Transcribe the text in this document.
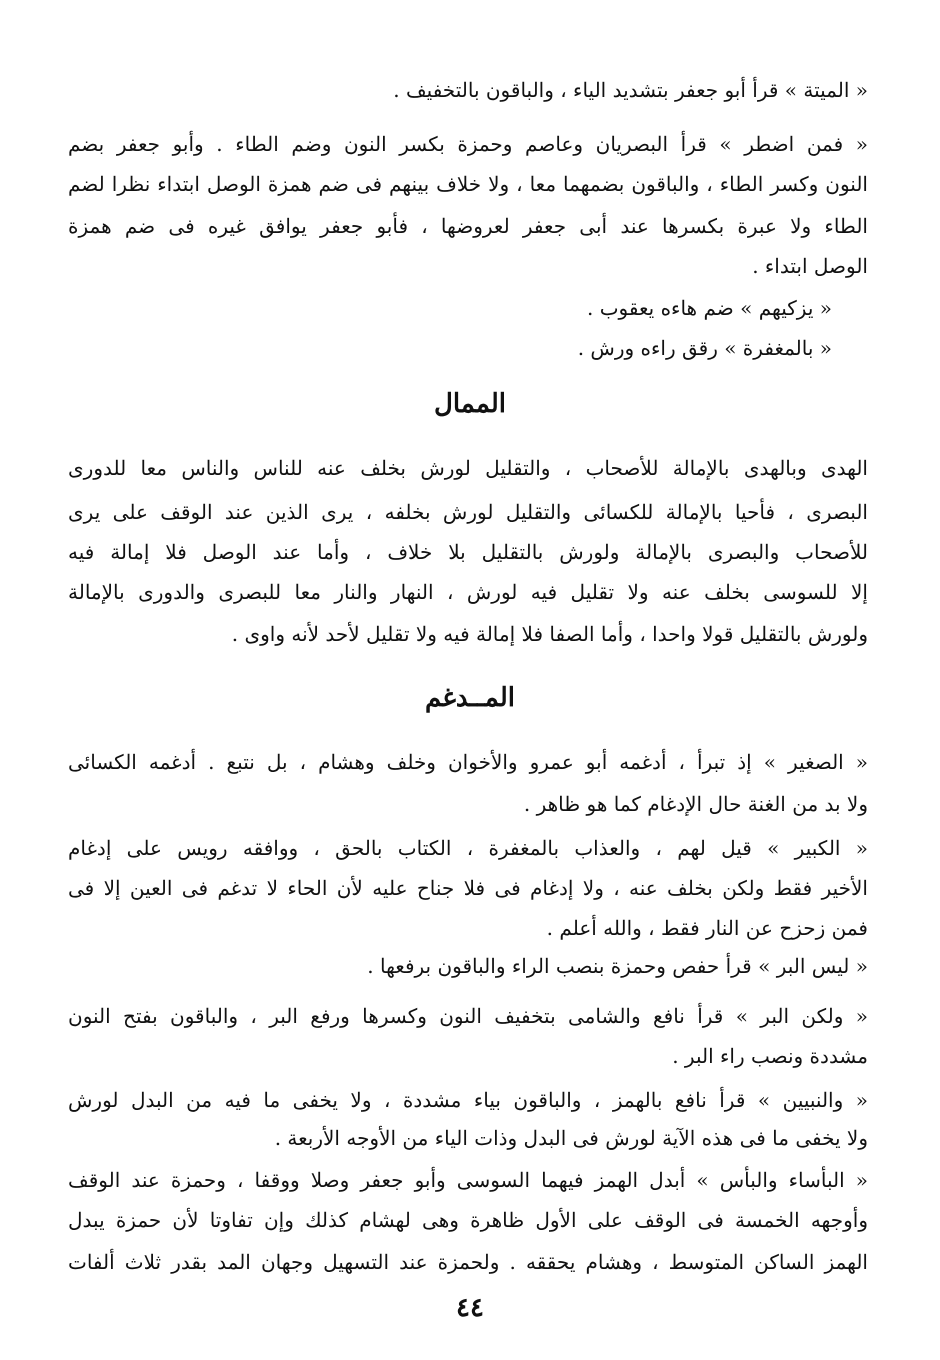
« الميتة » قرأ أبو جعفر بتشديد الياء ، والباقون بالتخفيف .
« فمن اضطر » قرأ البصريان وعاصم وحمزة بكسر النون وضم الطاء . وأبو جعفر بضم
النون وكسر الطاء ، والباقون بضمهما معا ، ولا خلاف بينهم فى ضم همزة الوصل ابتداء نظرا لضم
الطاء ولا عبرة بكسرها عند أبى جعفر لعروضها ، فأبو جعفر يوافق غيره فى ضم همزة
الوصل ابتداء .
« يزكيهم » ضم هاءه يعقوب .
« بالمغفرة » رقق راءه ورش .
الممال
الهدى وبالهدى بالإمالة للأصحاب ، والتقليل لورش بخلف عنه للناس والناس معا للدورى
البصرى ، فأحيا بالإمالة للكسائى والتقليل لورش بخلفه ، يرى الذين عند الوقف على يرى
للأصحاب والبصرى بالإمالة ولورش بالتقليل بلا خلاف ، وأما عند الوصل فلا إمالة فيه
إلا للسوسى بخلف عنه ولا تقليل فيه لورش ، النهار والنار معا للبصرى والدورى بالإمالة
ولورش بالتقليل قولا واحدا ، وأما الصفا فلا إمالة فيه ولا تقليل لأحد لأنه واوى .
المــدغم
« الصغير » إذ تبرأ ، أدغمه أبو عمرو والأخوان وخلف وهشام ، بل نتبع . أدغمه الكسائى
ولا بد من الغنة حال الإدغام كما هو ظاهر .
« الكبير » قيل لهم ، والعذاب بالمغفرة ، الكتاب بالحق ، ووافقه رويس على إدغام
الأخير فقط ولكن بخلف عنه ، ولا إدغام فى فلا جناح عليه لأن الحاء لا تدغم فى العين إلا فى
فمن زحزح عن النار فقط ، والله أعلم .
« ليس البر » قرأ حفص وحمزة بنصب الراء والباقون برفعها .
« ولكن البر » قرأ نافع والشامى بتخفيف النون وكسرها ورفع البر ، والباقون بفتح النون
مشددة ونصب راء البر .
« والنبيين » قرأ نافع بالهمز ، والباقون بياء مشددة ، ولا يخفى ما فيه من البدل لورش
ولا يخفى ما فى هذه الآية لورش فى البدل وذات الياء من الأوجه الأربعة .
« البأساء والبأس » أبدل الهمز فيهما السوسى وأبو جعفر وصلا ووقفا ، وحمزة عند الوقف
وأوجهه الخمسة فى الوقف على الأول ظاهرة وهى لهشام كذلك وإن تفاوتا لأن حمزة يبدل
الهمز الساكن المتوسط ، وهشام يحققه . ولحمزة عند التسهيل وجهان المد بقدر ثلاث ألفات
٤٤
